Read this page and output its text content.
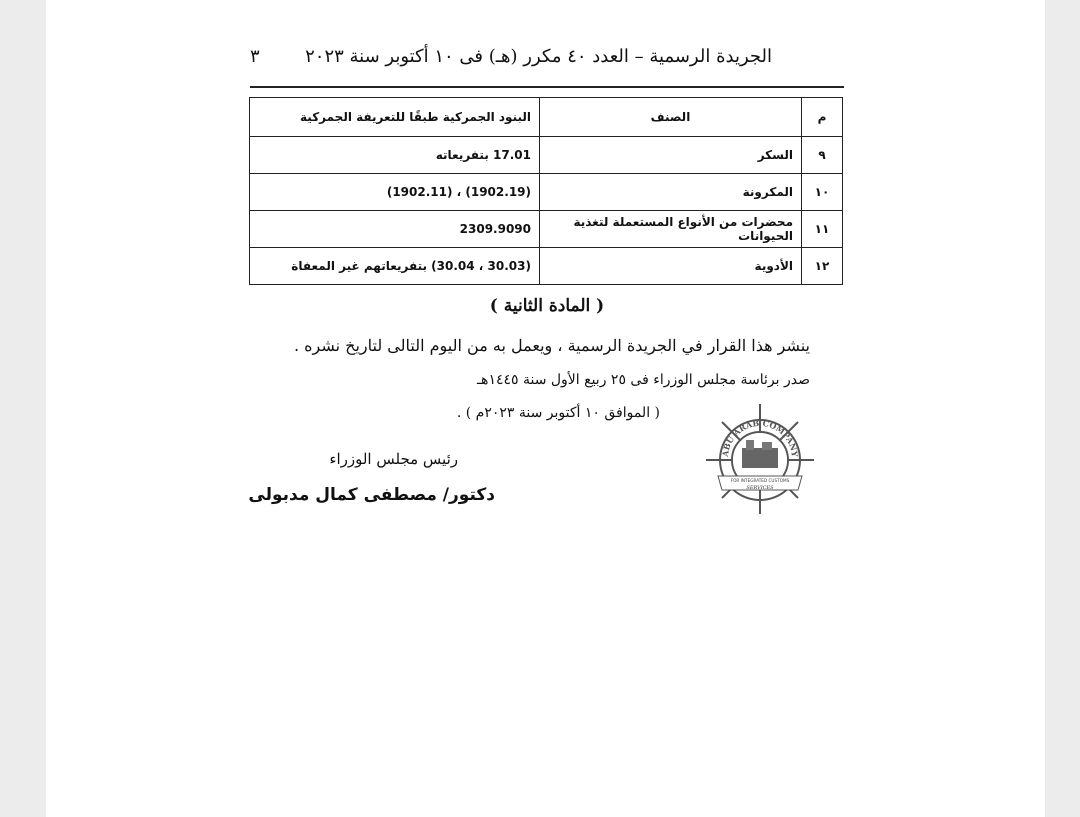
الجريدة الرسمية – العدد ٤٠ مكرر (هـ) فى ١٠ أكتوبر سنة ٢٠٢٣
٣
م	الصنف	البنود الجمركية طبقًا للتعريفة الجمركية
٩	السكر	17.01 بتفريعاته
١٠	المكرونة	(1902.19) ، (1902.11)
١١	محضرات من الأنواع المستعملة لتغذية الحيوانات	2309.9090
١٢	الأدوية	(30.03 ، 30.04) بتفريعاتهم غير المعفاة
( المادة الثانية )
ينشر هذا القرار في الجريدة الرسمية ، ويعمل به من اليوم التالى لتاريخ نشره .
صدر برئاسة مجلس الوزراء فى ٢٥ ربيع الأول سنة ١٤٤٥هـ
( الموافق ١٠ أكتوبر سنة ٢٠٢٣م ) .
رئيس مجلس الوزراء
دكتور/ مصطفى كمال مدبولى
ABU ARAB COMPANY
FOR INTEGRATED CUSTOMS
SERVICES
